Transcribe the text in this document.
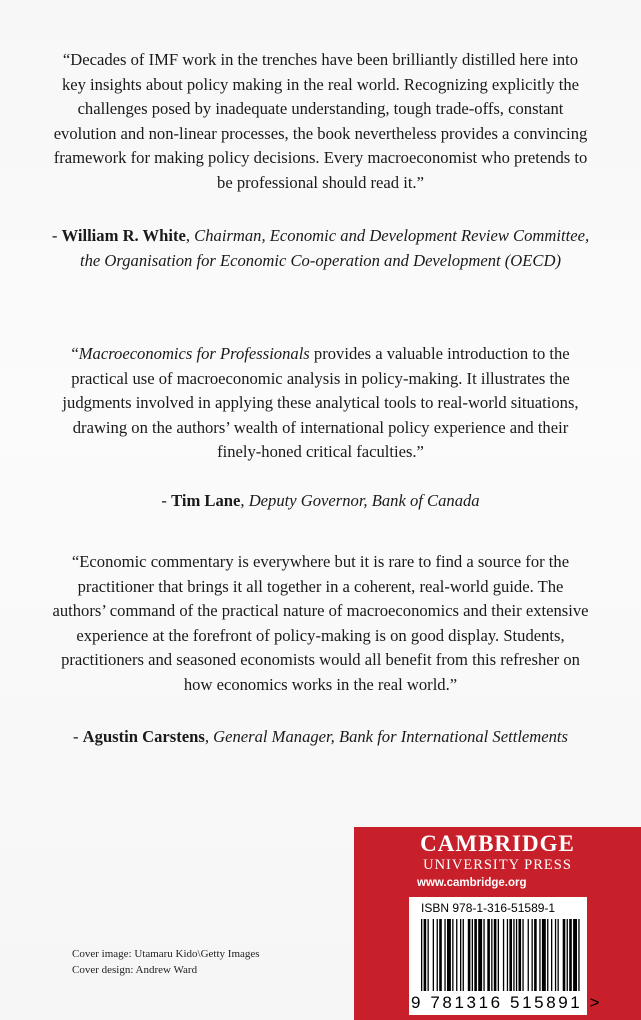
“Decades of IMF work in the trenches have been brilliantly distilled here into key insights about policy making in the real world. Recognizing explicitly the challenges posed by inadequate understanding, tough trade-offs, constant evolution and non-linear processes, the book nevertheless provides a convincing framework for making policy decisions. Every macroeconomist who pretends to be professional should read it.”

- William R. White, Chairman, Economic and Development Review Committee, the Organisation for Economic Co-operation and Development (OECD)

“Macroeconomics for Professionals provides a valuable introduction to the practical use of macroeconomic analysis in policy-making. It illustrates the judgments involved in applying these analytical tools to real-world situations, drawing on the authors’ wealth of international policy experience and their finely-honed critical faculties.”

- Tim Lane, Deputy Governor, Bank of Canada

“Economic commentary is everywhere but it is rare to find a source for the practitioner that brings it all together in a coherent, real-world guide. The authors’ command of the practical nature of macroeconomics and their extensive experience at the forefront of policy-making is on good display. Students, practitioners and seasoned economists would all benefit from this refresher on how economics works in the real world.”

- Agustin Carstens, General Manager, Bank for International Settlements

Cover image: Utamaru Kido\Getty Images
Cover design: Andrew Ward
CAMBRIDGE
UNIVERSITY PRESS
www.cambridge.org
ISBN 978-1-316-51589-1
9 781316 515891 >
